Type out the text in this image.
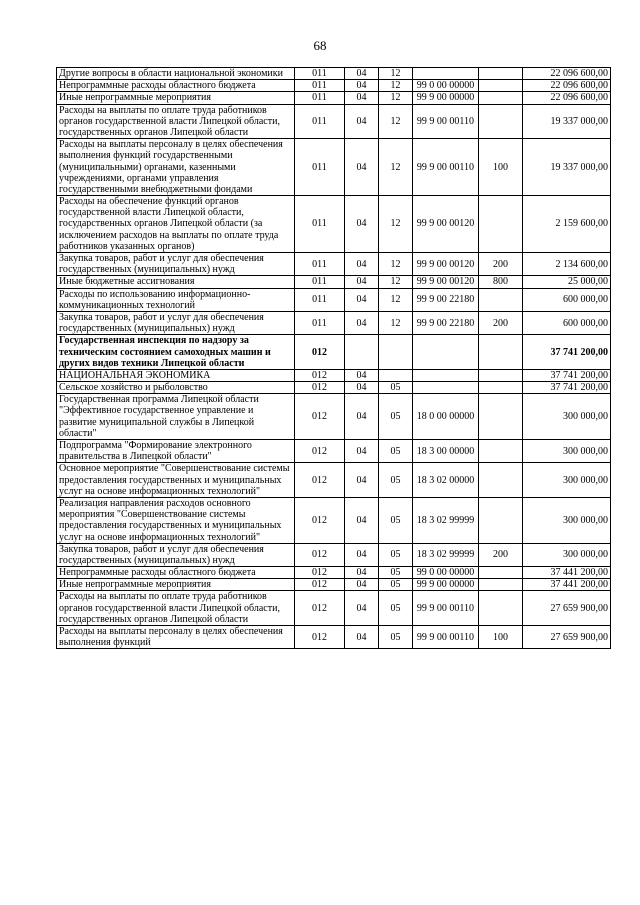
68
Другие вопросы в области национальной экономики	011	04	12			22 096 600,00
Непрограммные расходы областного бюджета	011	04	12	99 0 00 00000		22 096 600,00
Иные непрограммные мероприятия	011	04	12	99 9 00 00000		22 096 600,00
Расходы на выплаты по оплате труда работников органов государственной власти Липецкой области, государственных органов Липецкой области	011	04	12	99 9 00 00110		19 337 000,00
Расходы на выплаты персоналу в целях обеспечения выполнения функций государственными (муниципальными) органами, казенными учреждениями, органами управления государственными внебюджетными фондами	011	04	12	99 9 00 00110	100	19 337 000,00
Расходы на обеспечение функций органов государственной власти Липецкой области, государственных органов Липецкой области (за исключением расходов на выплаты по оплате труда работников указанных органов)	011	04	12	99 9 00 00120		2 159 600,00
Закупка товаров, работ и услуг для обеспечения государственных (муниципальных) нужд	011	04	12	99 9 00 00120	200	2 134 600,00
Иные бюджетные ассигнования	011	04	12	99 9 00 00120	800	25 000,00
Расходы по использованию информационно-коммуникационных технологий	011	04	12	99 9 00 22180		600 000,00
Закупка товаров, работ и услуг для обеспечения государственных (муниципальных) нужд	011	04	12	99 9 00 22180	200	600 000,00
Государственная инспекция по надзору за техническим состоянием самоходных машин и других видов техники Липецкой области	012					37 741 200,00
НАЦИОНАЛЬНАЯ ЭКОНОМИКА	012	04				37 741 200,00
Сельское хозяйство и рыболовство	012	04	05			37 741 200,00
Государственная программа Липецкой области "Эффективное государственное управление и развитие муниципальной службы в Липецкой области"	012	04	05	18 0 00 00000		300 000,00
Подпрограмма "Формирование электронного правительства в Липецкой области"	012	04	05	18 3 00 00000		300 000,00
Основное мероприятие "Совершенствование системы предоставления государственных и муниципальных услуг на основе информационных технологий"	012	04	05	18 3 02 00000		300 000,00
Реализация направления расходов основного мероприятия "Совершенствование системы предоставления государственных и муниципальных услуг на основе информационных технологий"	012	04	05	18 3 02 99999		300 000,00
Закупка товаров, работ и услуг для обеспечения государственных (муниципальных) нужд	012	04	05	18 3 02 99999	200	300 000,00
Непрограммные расходы областного бюджета	012	04	05	99 0 00 00000		37 441 200,00
Иные непрограммные мероприятия	012	04	05	99 9 00 00000		37 441 200,00
Расходы на выплаты по оплате труда работников органов государственной власти Липецкой области, государственных органов Липецкой области	012	04	05	99 9 00 00110		27 659 900,00
Расходы на выплаты персоналу в целях обеспечения выполнения функций	012	04	05	99 9 00 00110	100	27 659 900,00
